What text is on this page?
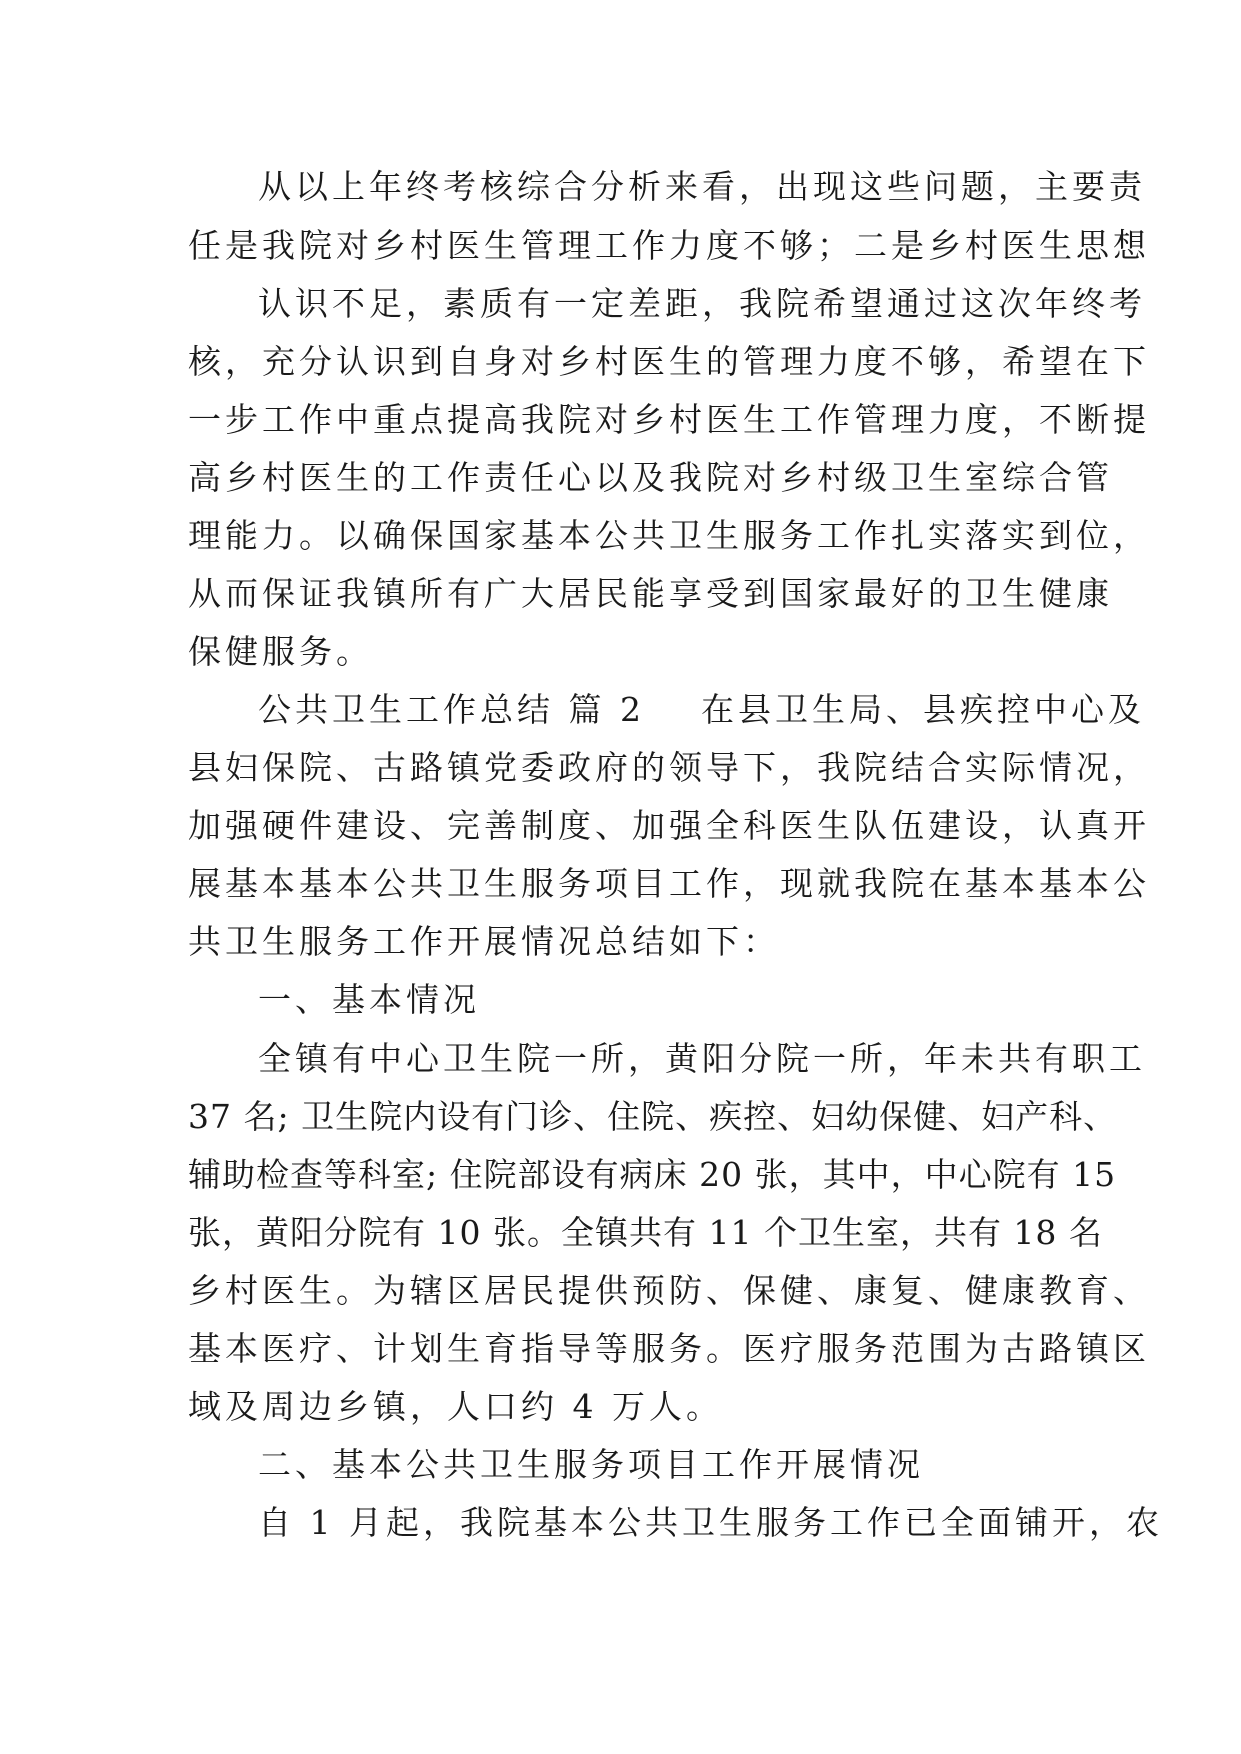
从以上年终考核综合分析来看，出现这些问题，主要责
任是我院对乡村医生管理工作力度不够；二是乡村医生思想
认识不足，素质有一定差距，我院希望通过这次年终考
核，充分认识到自身对乡村医生的管理力度不够，希望在下
一步工作中重点提高我院对乡村医生工作管理力度，不断提
高乡村医生的工作责任心以及我院对乡村级卫生室综合管
理能力。以确保国家基本公共卫生服务工作扎实落实到位，
从而保证我镇所有广大居民能享受到国家最好的卫生健康
保健服务。
公共卫生工作总结 篇 2 在县卫生局、县疾控中心及
县妇保院、古路镇党委政府的领导下，我院结合实际情况，
加强硬件建设、完善制度、加强全科医生队伍建设，认真开
展基本基本公共卫生服务项目工作，现就我院在基本基本公
共卫生服务工作开展情况总结如下：
一、基本情况
全镇有中心卫生院一所，黄阳分院一所，年未共有职工
37 名; 卫生院内设有门诊、住院、疾控、妇幼保健、妇产科、
辅助检查等科室; 住院部设有病床 20 张，其中，中心院有 15
张，黄阳分院有 10 张。全镇共有 11 个卫生室，共有 18 名
乡村医生。为辖区居民提供预防、保健、康复、健康教育、
基本医疗、计划生育指导等服务。医疗服务范围为古路镇区
域及周边乡镇，人口约 4 万人。
二、基本公共卫生服务项目工作开展情况
自 1 月起，我院基本公共卫生服务工作已全面铺开，农
